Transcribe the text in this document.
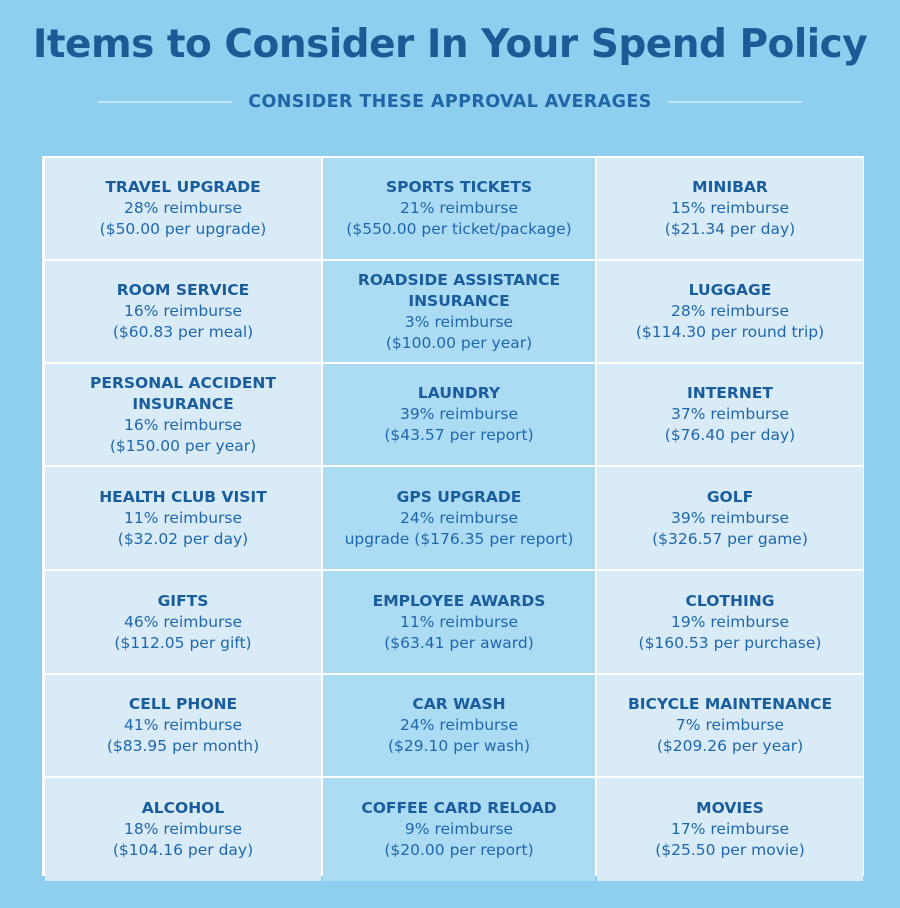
Items to Consider In Your Spend Policy
CONSIDER THESE APPROVAL AVERAGES
TRAVEL UPGRADE
28% reimburse
($50.00 per upgrade)
SPORTS TICKETS
21% reimburse
($550.00 per ticket/package)
MINIBAR
15% reimburse
($21.34 per day)
ROOM SERVICE
16% reimburse
($60.83 per meal)
ROADSIDE ASSISTANCE
INSURANCE
3% reimburse
($100.00 per year)
LUGGAGE
28% reimburse
($114.30 per round trip)
PERSONAL ACCIDENT INSURANCE
16% reimburse
($150.00 per year)
LAUNDRY
39% reimburse
($43.57 per report)
INTERNET
37% reimburse
($76.40 per day)
HEALTH CLUB VISIT
11% reimburse
($32.02 per day)
GPS UPGRADE
24% reimburse
upgrade ($176.35 per report)
GOLF
39% reimburse
($326.57 per game)
GIFTS
46% reimburse
($112.05 per gift)
EMPLOYEE AWARDS
11% reimburse
($63.41 per award)
CLOTHING
19% reimburse
($160.53 per purchase)
CELL PHONE
41% reimburse
($83.95 per month)
CAR WASH
24% reimburse
($29.10 per wash)
BICYCLE MAINTENANCE
7% reimburse
($209.26 per year)
ALCOHOL
18% reimburse
($104.16 per day)
COFFEE CARD RELOAD
9% reimburse
($20.00 per report)
MOVIES
17% reimburse
($25.50 per movie)
